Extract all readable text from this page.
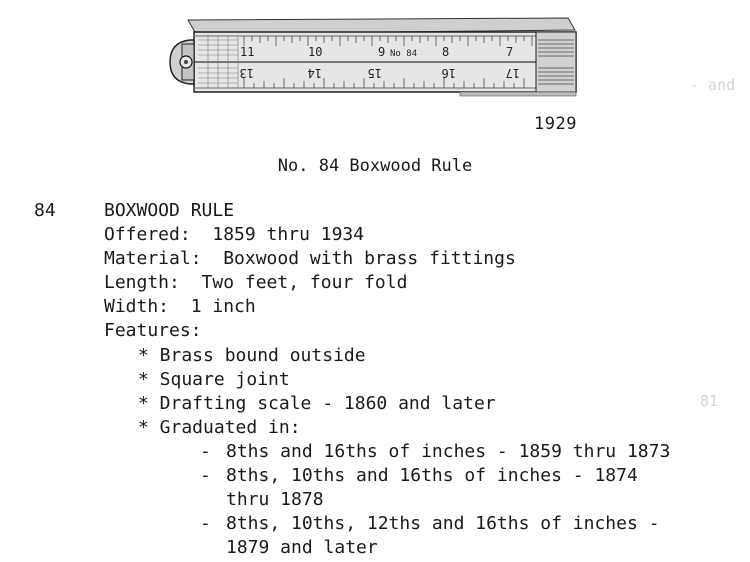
- and
81
11	10	9 No 84 8	7
13	14	15	16	17
1929
No. 84 Boxwood Rule
84	BOXWOOD RULE
Offered:  1859 thru 1934
Material:  Boxwood with brass fittings
Length:  Two feet, four fold
Width:  1 inch
Features:
* Brass bound outside
* Square joint
* Drafting scale - 1860 and later
* Graduated in:
- 8ths and 16ths of inches - 1859 thru 1873
- 8ths, 10ths and 16ths of inches - 1874
thru 1878
- 8ths, 10ths, 12ths and 16ths of inches -
1879 and later
